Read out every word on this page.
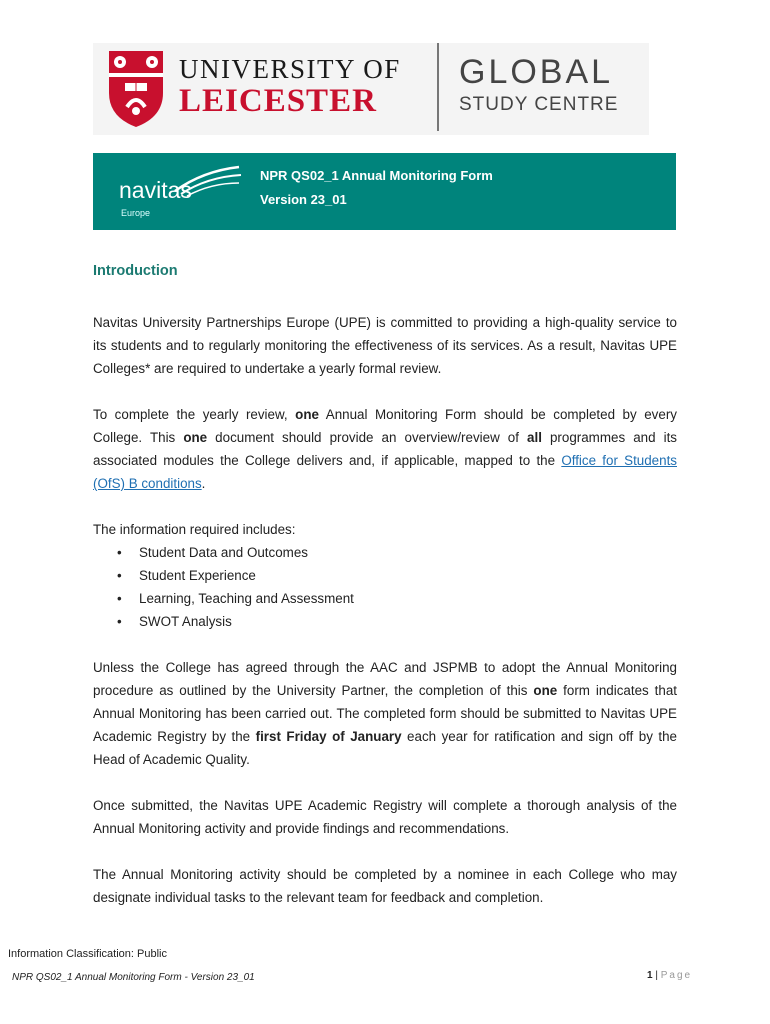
UNIVERSITY OF
LEICESTER
GLOBAL
STUDY CENTRE
navitas
Europe
NPR QS02_1 Annual Monitoring Form
Version 23_01
Introduction

Navitas University Partnerships Europe (UPE) is committed to providing a high-quality service to its students and to regularly monitoring the effectiveness of its services. As a result, Navitas UPE Colleges* are required to undertake a yearly formal review.

To complete the yearly review, one Annual Monitoring Form should be completed by every College. This one document should provide an overview/review of all programmes and its associated modules the College delivers and, if applicable, mapped to the Office for Students (OfS) B conditions.

The information required includes:

• Student Data and Outcomes
• Student Experience
• Learning, Teaching and Assessment
• SWOT Analysis

Unless the College has agreed through the AAC and JSPMB to adopt the Annual Monitoring procedure as outlined by the University Partner, the completion of this one form indicates that Annual Monitoring has been carried out. The completed form should be submitted to Navitas UPE Academic Registry by the first Friday of January each year for ratification and sign off by the Head of Academic Quality.

Once submitted, the Navitas UPE Academic Registry will complete a thorough analysis of the Annual Monitoring activity and provide findings and recommendations.

The Annual Monitoring activity should be completed by a nominee in each College who may designate individual tasks to the relevant team for feedback and completion.

Information Classification: Public
NPR QS02_1 Annual Monitoring Form - Version 23_01	1 | Page
